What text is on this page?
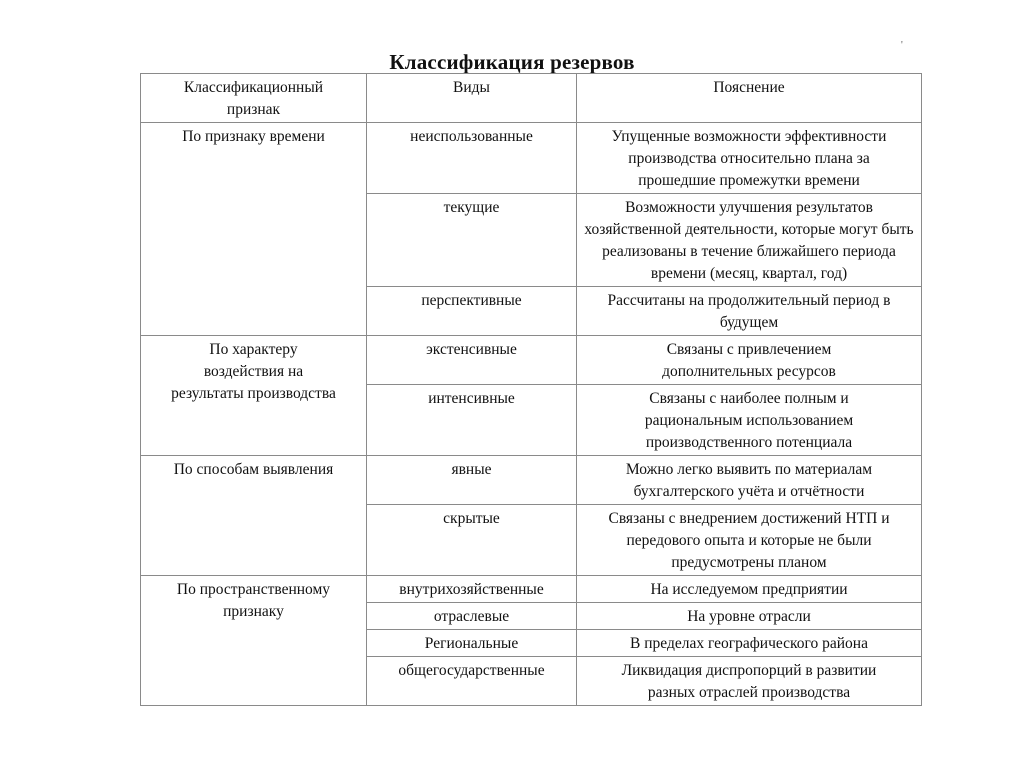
Классификация резервов
'
Классификационный признак	Виды	Пояснение
По признаку времени	неиспользованные	Упущенные возможности эффективности производства относительно плана за прошедшие промежутки времени
	текущие	Возможности улучшения результатов хозяйственной деятельности, которые могут быть реализованы в течение ближайшего периода времени (месяц, квартал, год)
	перспективные	Рассчитаны на продолжительный период в будущем
По характеру воздействия на результаты производства	экстенсивные	Связаны с привлечением дополнительных ресурсов
	интенсивные	Связаны с наиболее полным и рациональным использованием производственного потенциала
По способам выявления	явные	Можно легко выявить по материалам бухгалтерского учёта и отчётности
	скрытые	Связаны с внедрением достижений НТП и передового опыта и которые не были предусмотрены планом
По пространственному признаку	внутрихозяйственные	На исследуемом предприятии
	отраслевые	На уровне отрасли
	Региональные	В пределах географического района
	общегосударственные	Ликвидация диспропорций в развитии разных отраслей производства
